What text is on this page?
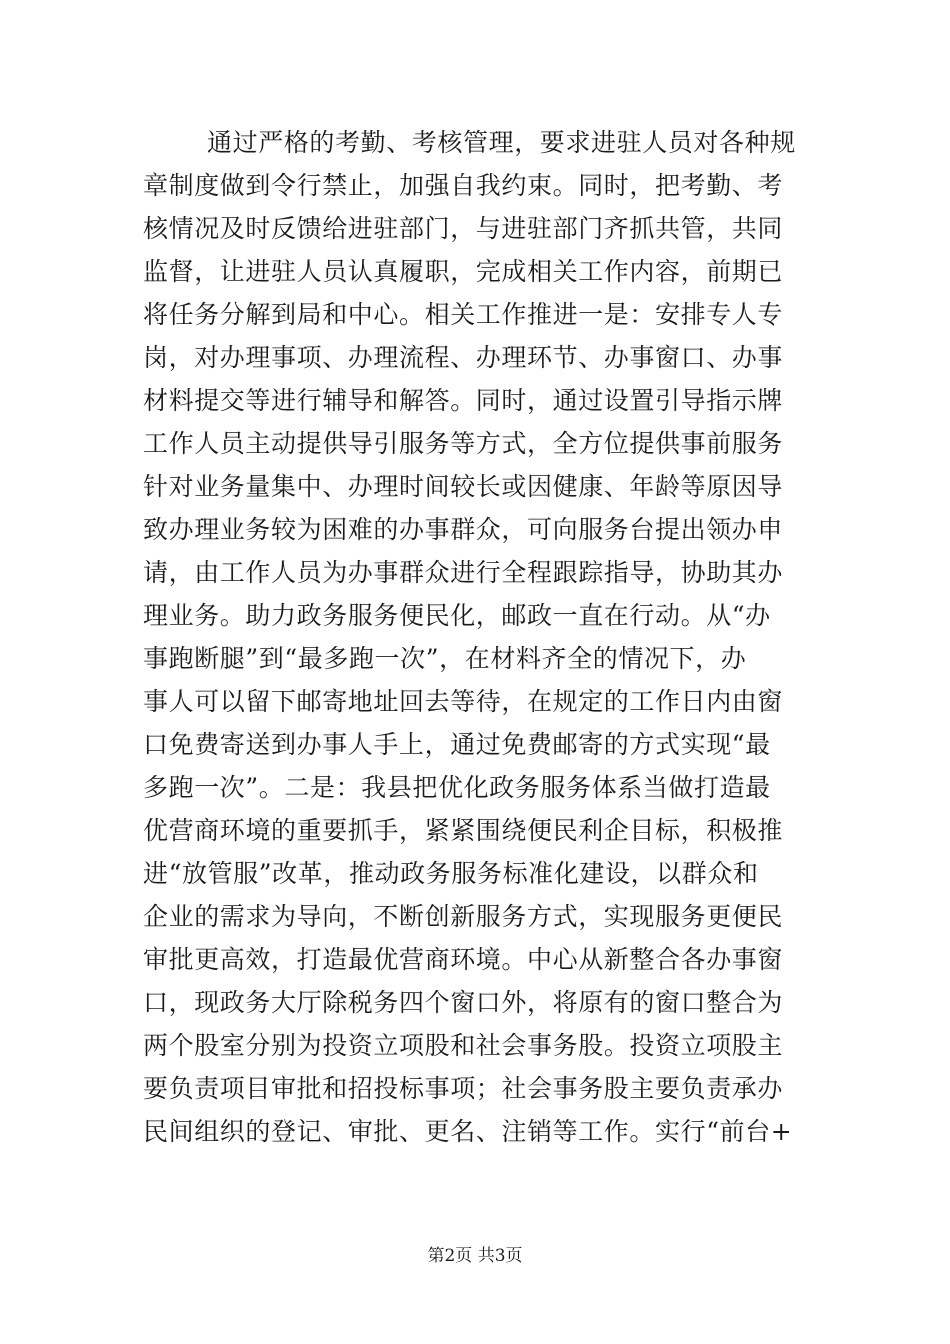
通过严格的考勤、考核管理，要求进驻人员对各种规
章制度做到令行禁止，加强自我约束。同时，把考勤、考
核情况及时反馈给进驻部门，与进驻部门齐抓共管，共同
监督，让进驻人员认真履职，完成相关工作内容，前期已
将任务分解到局和中心。相关工作推进一是：安排专人专
岗，对办理事项、办理流程、办理环节、办事窗口、办事
材料提交等进行辅导和解答。同时，通过设置引导指示牌
工作人员主动提供导引服务等方式，全方位提供事前服务
针对业务量集中、办理时间较长或因健康、年龄等原因导
致办理业务较为困难的办事群众，可向服务台提出领办申
请，由工作人员为办事群众进行全程跟踪指导，协助其办
理业务。助力政务服务便民化，邮政一直在行动。从“办
事跑断腿”到“最多跑一次”，在材料齐全的情况下，办
事人可以留下邮寄地址回去等待，在规定的工作日内由窗
口免费寄送到办事人手上，通过免费邮寄的方式实现“最
多跑一次”。二是：我县把优化政务服务体系当做打造最
优营商环境的重要抓手，紧紧围绕便民利企目标，积极推
进“放管服”改革，推动政务服务标准化建设，以群众和
企业的需求为导向，不断创新服务方式，实现服务更便民
审批更高效，打造最优营商环境。中心从新整合各办事窗
口，现政务大厅除税务四个窗口外，将原有的窗口整合为
两个股室分别为投资立项股和社会事务股。投资立项股主
要负责项目审批和招投标事项；社会事务股主要负责承办
民间组织的登记、审批、更名、注销等工作。实行“前台+
第2页 共3页
